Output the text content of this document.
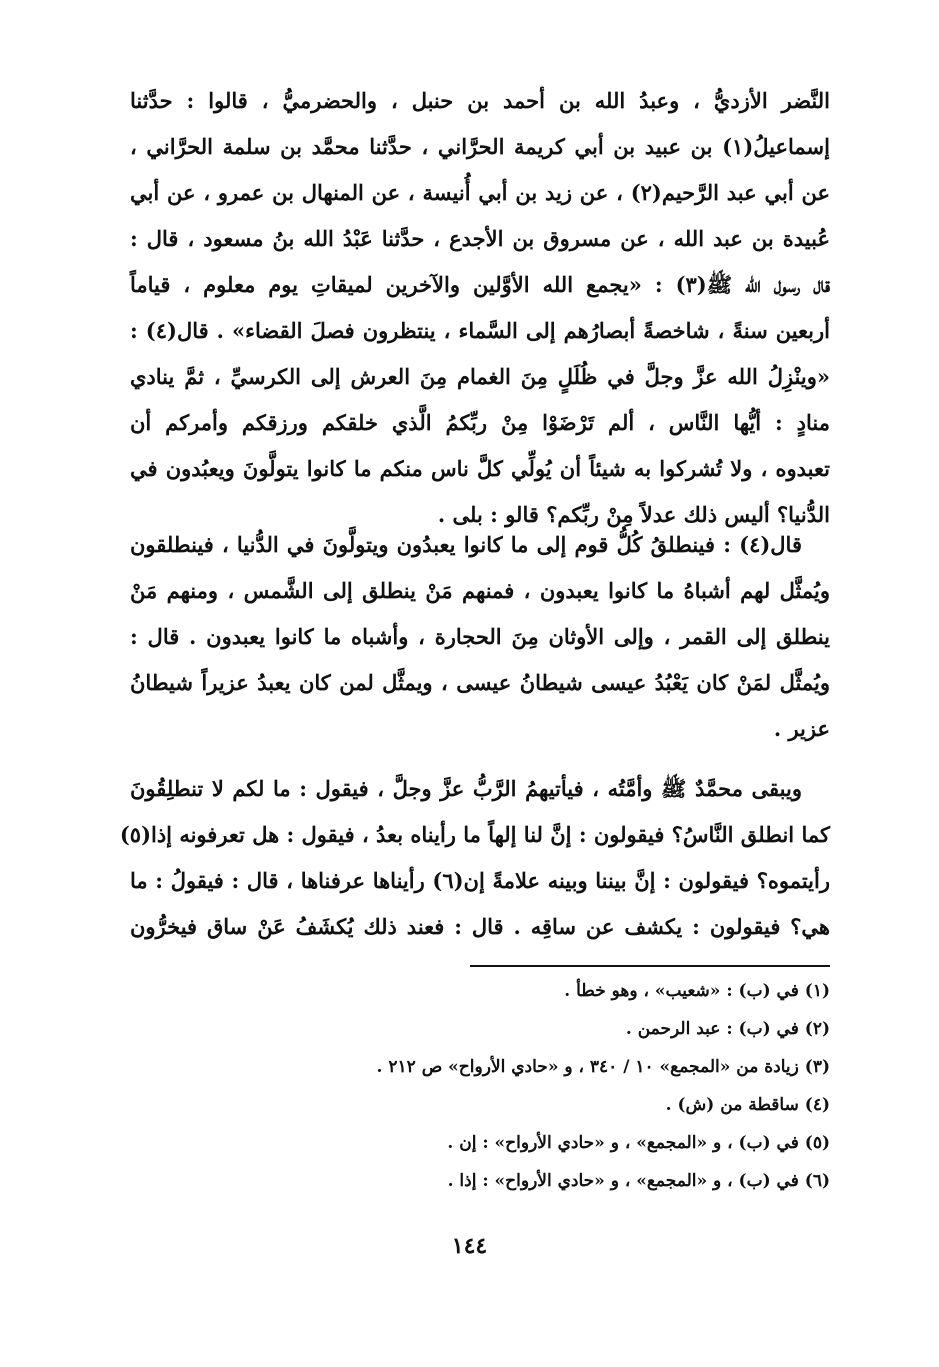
النَّضر الأزديُّ ، وعبدُ الله بن أحمد بن حنبل ، والحضرميُّ ، قالوا : حدَّثنا
إسماعيلُ(١) بن عبيد بن أبي كريمة الحرَّاني ، حدَّثنا محمَّد بن سلمة الحرَّاني ،
عن أبي عبد الرَّحيم(٢) ، عن زيد بن أبي أُنيسة ، عن المنهال بن عمرو ، عن أبي
عُبيدة بن عبد الله ، عن مسروق بن الأجدع ، حدَّثنا عَبْدُ الله بنُ مسعود ، قال :
قال رسول الله ﷺ(٣) : «يجمع الله الأوَّلين والآخرين لميقاتِ يوم معلوم ، قياماً
أربعين سنةً ، شاخصةً أبصارُهم إلى السَّماء ، ينتظرون فصلَ القضاء» . قال(٤) :
«وينْزِلُ الله عزَّ وجلَّ في ظُلَلٍ مِنَ الغمام مِنَ العرش إلى الكرسيِّ ، ثمَّ ينادي
منادٍ : أيُّها النَّاس ، ألم تَرْضَوْا مِنْ ربِّكمُ الَّذي خلقكم ورزقكم وأمركم أن
تعبدوه ، ولا تُشركوا به شيئاً أن يُولِّي كلَّ ناس منكم ما كانوا يتولَّونَ ويعبُدون في
الدُّنيا؟ أليس ذلك عدلاً مِنْ ربِّكم؟ قالو : بلى .
قال(٤) : فينطلقُ كُلُّ قوم إلى ما كانوا يعبدُون ويتولَّونَ في الدُّنيا ، فينطلقون
ويُمثَّل لهم أشباهُ ما كانوا يعبدون ، فمنهم مَنْ ينطلق إلى الشَّمس ، ومنهم مَنْ
ينطلق إلى القمر ، وإلى الأوثان مِنَ الحجارة ، وأشباه ما كانوا يعبدون . قال :
ويُمثَّل لمَنْ كان يَعْبُدُ عيسى شيطانُ عيسى ، ويمثَّل لمن كان يعبدُ عزيراً شيطانُ
عزير .
ويبقى محمَّدٌ ﷺ وأمَّتُه ، فيأتيهمُ الرَّبُّ عزَّ وجلَّ ، فيقول : ما لكم لا تنطلِقُونَ
كما انطلق النَّاسُ؟ فيقولون : إنَّ لنا إلهاً ما رأيناه بعدُ ، فيقول : هل تعرفونه إذا(٥)
رأيتموه؟ فيقولون : إنَّ بيننا وبينه علامةً إن(٦) رأيناها عرفناها ، قال : فيقولُ : ما
هي؟ فيقولون : يكشف عن ساقِه . قال : فعند ذلك يُكشَفُ عَنْ ساق فيخرُّون
(١) في (ب) : «شعيب» ، وهو خطأ .
(٢) في (ب) : عبد الرحمن .
(٣) زيادة من «المجمع» ١٠ / ٣٤٠ ، و «حادي الأرواح» ص ٢١٢ .
(٤) ساقطة من (ش) .
(٥) في (ب) ، و «المجمع» ، و «حادي الأرواح» : إن .
(٦) في (ب) ، و «المجمع» ، و «حادي الأرواح» : إذا .
١٤٤
